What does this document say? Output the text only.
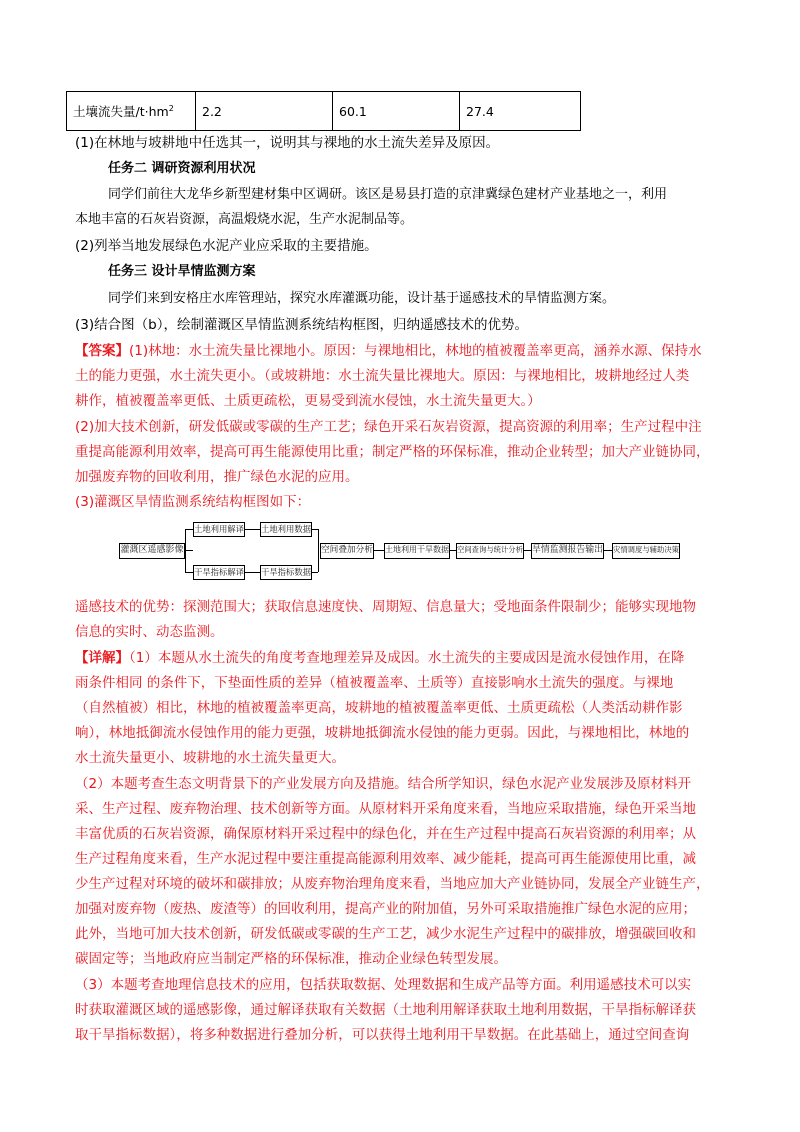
土壤流失量$/t\cdot hm^2$	2.2	60.1	27.4
(1)在林地与坡耕地中任选其一，说明其与裸地的水土流失差异及原因。
任务二 调研资源利用状况
同学们前往大龙华乡新型建材集中区调研。该区是易县打造的京津冀绿色建材产业基地之一，利用
本地丰富的石灰岩资源，高温煅烧水泥，生产水泥制品等。
(2)列举当地发展绿色水泥产业应采取的主要措施。
任务三 设计旱情监测方案
同学们来到安格庄水库管理站，探究水库灌溉功能，设计基于遥感技术的旱情监测方案。
(3)结合图（b），绘制灌溉区旱情监测系统结构框图，归纳遥感技术的优势。
【答案】(1)林地：水土流失量比裸地小。原因：与裸地相比，林地的植被覆盖率更高，涵养水源、保持水
土的能力更强，水土流失更小。（或坡耕地：水土流失量比裸地大。原因：与裸地相比，坡耕地经过人类
耕作，植被覆盖率更低、土质更疏松，更易受到流水侵蚀，水土流失量更大。）
(2)加大技术创新，研发低碳或零碳的生产工艺；绿色开采石灰岩资源，提高资源的利用率；生产过程中注
重提高能源利用效率，提高可再生能源使用比重；制定严格的环保标准，推动企业转型；加大产业链协同，
加强废弃物的回收利用，推广绿色水泥的应用。
(3)灌溉区旱情监测系统结构框图如下：
灌溉区遥感影像
土地利用解译
干旱指标解译
土地利用数据
干旱指标数据
空间叠加分析 土地利用干旱数据 空间查询与统计分析 旱情监测报告输出 灾情调度与辅助决策
遥感技术的优势：探测范围大；获取信息速度快、周期短、信息量大；受地面条件限制少；能够实现地物
信息的实时、动态监测。
【详解】（1）本题从水土流失的角度考查地理差异及成因。水土流失的主要成因是流水侵蚀作用，在降
雨条件相同 的条件下，下垫面性质的差异（植被覆盖率、土质等）直接影响水土流失的强度。与裸地
（自然植被）相比，林地的植被覆盖率更高，坡耕地的植被覆盖率更低、土质更疏松（人类活动耕作影
响），林地抵御流水侵蚀作用的能力更强，坡耕地抵御流水侵蚀的能力更弱。因此，与裸地相比，林地的
水土流失量更小、坡耕地的水土流失量更大。
（2）本题考查生态文明背景下的产业发展方向及措施。结合所学知识，绿色水泥产业发展涉及原材料开
采、生产过程、废弃物治理、技术创新等方面。从原材料开采角度来看，当地应采取措施，绿色开采当地
丰富优质的石灰岩资源，确保原材料开采过程中的绿色化，并在生产过程中提高石灰岩资源的利用率；从
生产过程角度来看，生产水泥过程中要注重提高能源利用效率、减少能耗，提高可再生能源使用比重，减
少生产过程对环境的破坏和碳排放；从废弃物治理角度来看，当地应加大产业链协同，发展全产业链生产，
加强对废弃物（废热、废渣等）的回收利用，提高产业的附加值，另外可采取措施推广绿色水泥的应用；
此外，当地可加大技术创新，研发低碳或零碳的生产工艺，减少水泥生产过程中的碳排放，增强碳回收和
碳固定等；当地政府应当制定严格的环保标准，推动企业绿色转型发展。
（3）本题考查地理信息技术的应用，包括获取数据、处理数据和生成产品等方面。利用遥感技术可以实
时获取灌溉区域的遥感影像，通过解译获取有关数据（土地利用解译获取土地利用数据，干旱指标解译获
取干旱指标数据），将多种数据进行叠加分析，可以获得土地利用干旱数据。在此基础上，通过空间查询
